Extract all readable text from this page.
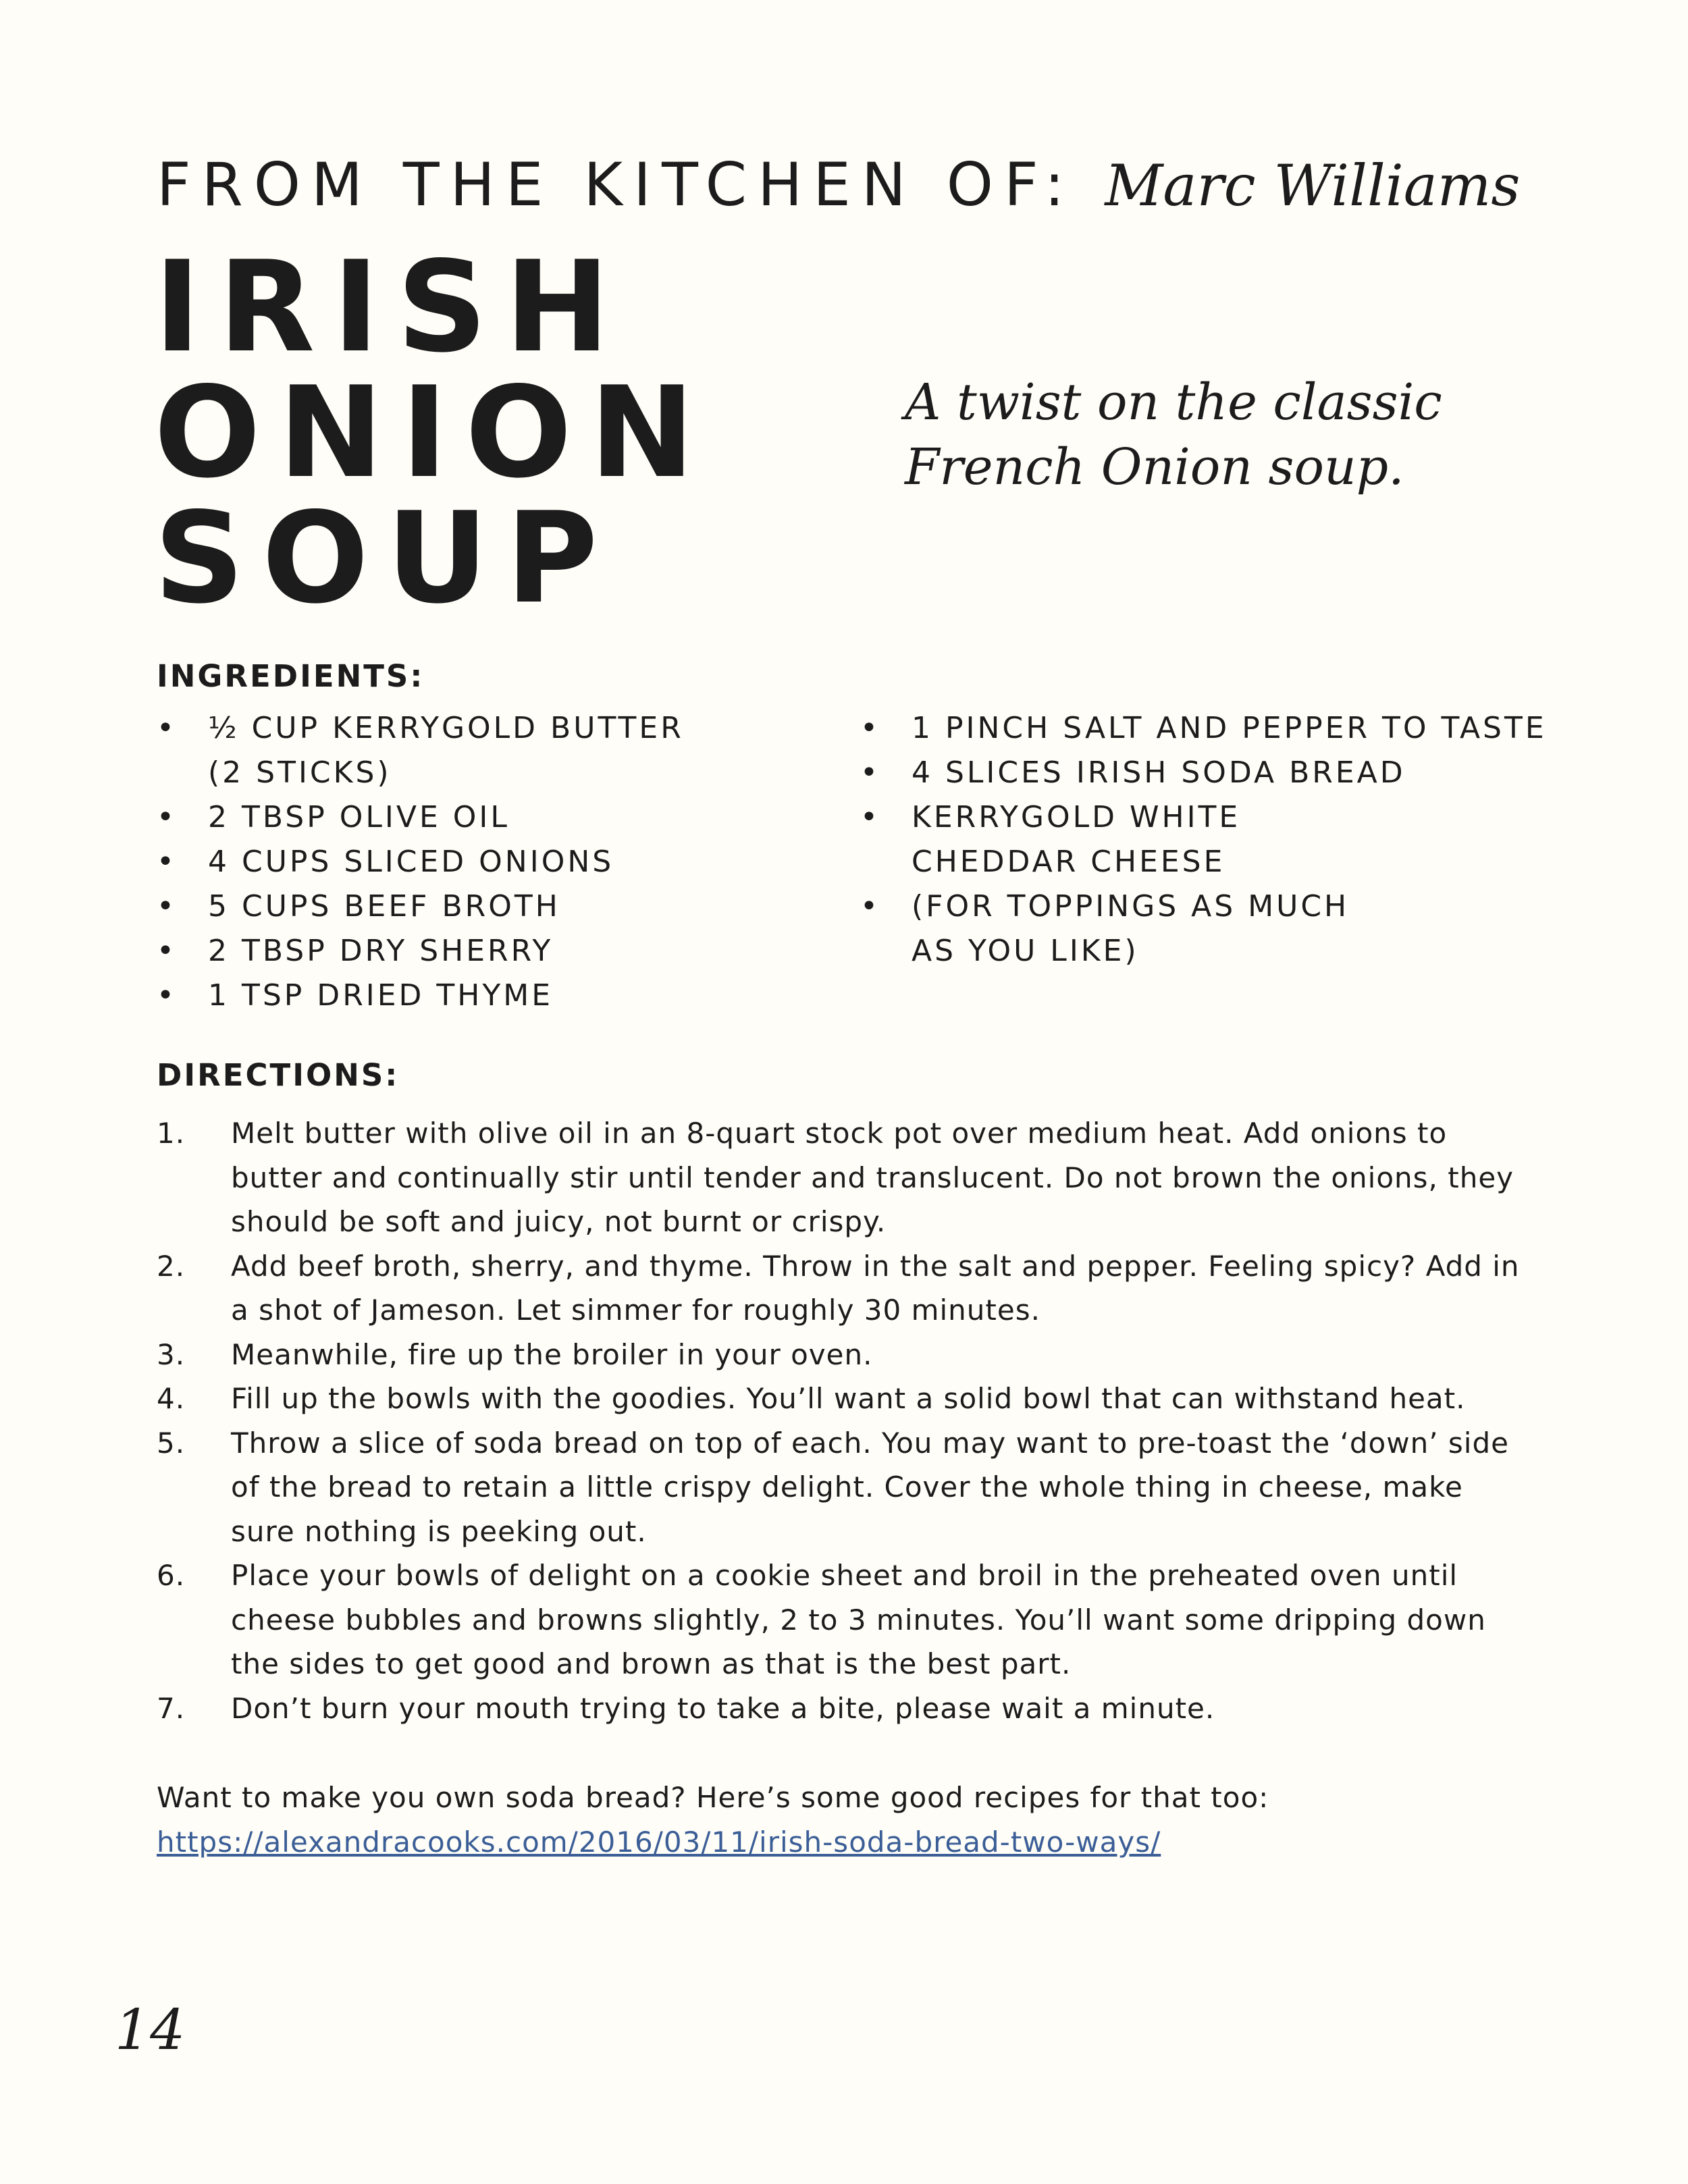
FROM THE KITCHEN OF: Marc Williams
IRISH
ONION
SOUP
A twist on the classic
French Onion soup.
INGREDIENTS:
• ½ CUP KERRYGOLD BUTTER
(2 STICKS)
• 2 TBSP OLIVE OIL
• 4 CUPS SLICED ONIONS
• 5 CUPS BEEF BROTH
• 2 TBSP DRY SHERRY
• 1 TSP DRIED THYME
• 1 PINCH SALT AND PEPPER TO TASTE
• 4 SLICES IRISH SODA BREAD
• KERRYGOLD WHITE
CHEDDAR CHEESE
• (FOR TOPPINGS AS MUCH
AS YOU LIKE)
DIRECTIONS:
1. Melt butter with olive oil in an 8-quart stock pot over medium heat. Add onions to
butter and continually stir until tender and translucent. Do not brown the onions, they
should be soft and juicy, not burnt or crispy.
2. Add beef broth, sherry, and thyme. Throw in the salt and pepper. Feeling spicy? Add in
a shot of Jameson. Let simmer for roughly 30 minutes.
3. Meanwhile, fire up the broiler in your oven.
4. Fill up the bowls with the goodies. You’ll want a solid bowl that can withstand heat.
5. Throw a slice of soda bread on top of each. You may want to pre-toast the ‘down’ side
of the bread to retain a little crispy delight. Cover the whole thing in cheese, make
sure nothing is peeking out.
6. Place your bowls of delight on a cookie sheet and broil in the preheated oven until
cheese bubbles and browns slightly, 2 to 3 minutes. You’ll want some dripping down
the sides to get good and brown as that is the best part.
7. Don’t burn your mouth trying to take a bite, please wait a minute.
Want to make you own soda bread? Here’s some good recipes for that too:
https://alexandracooks.com/2016/03/11/irish-soda-bread-two-ways/
14
